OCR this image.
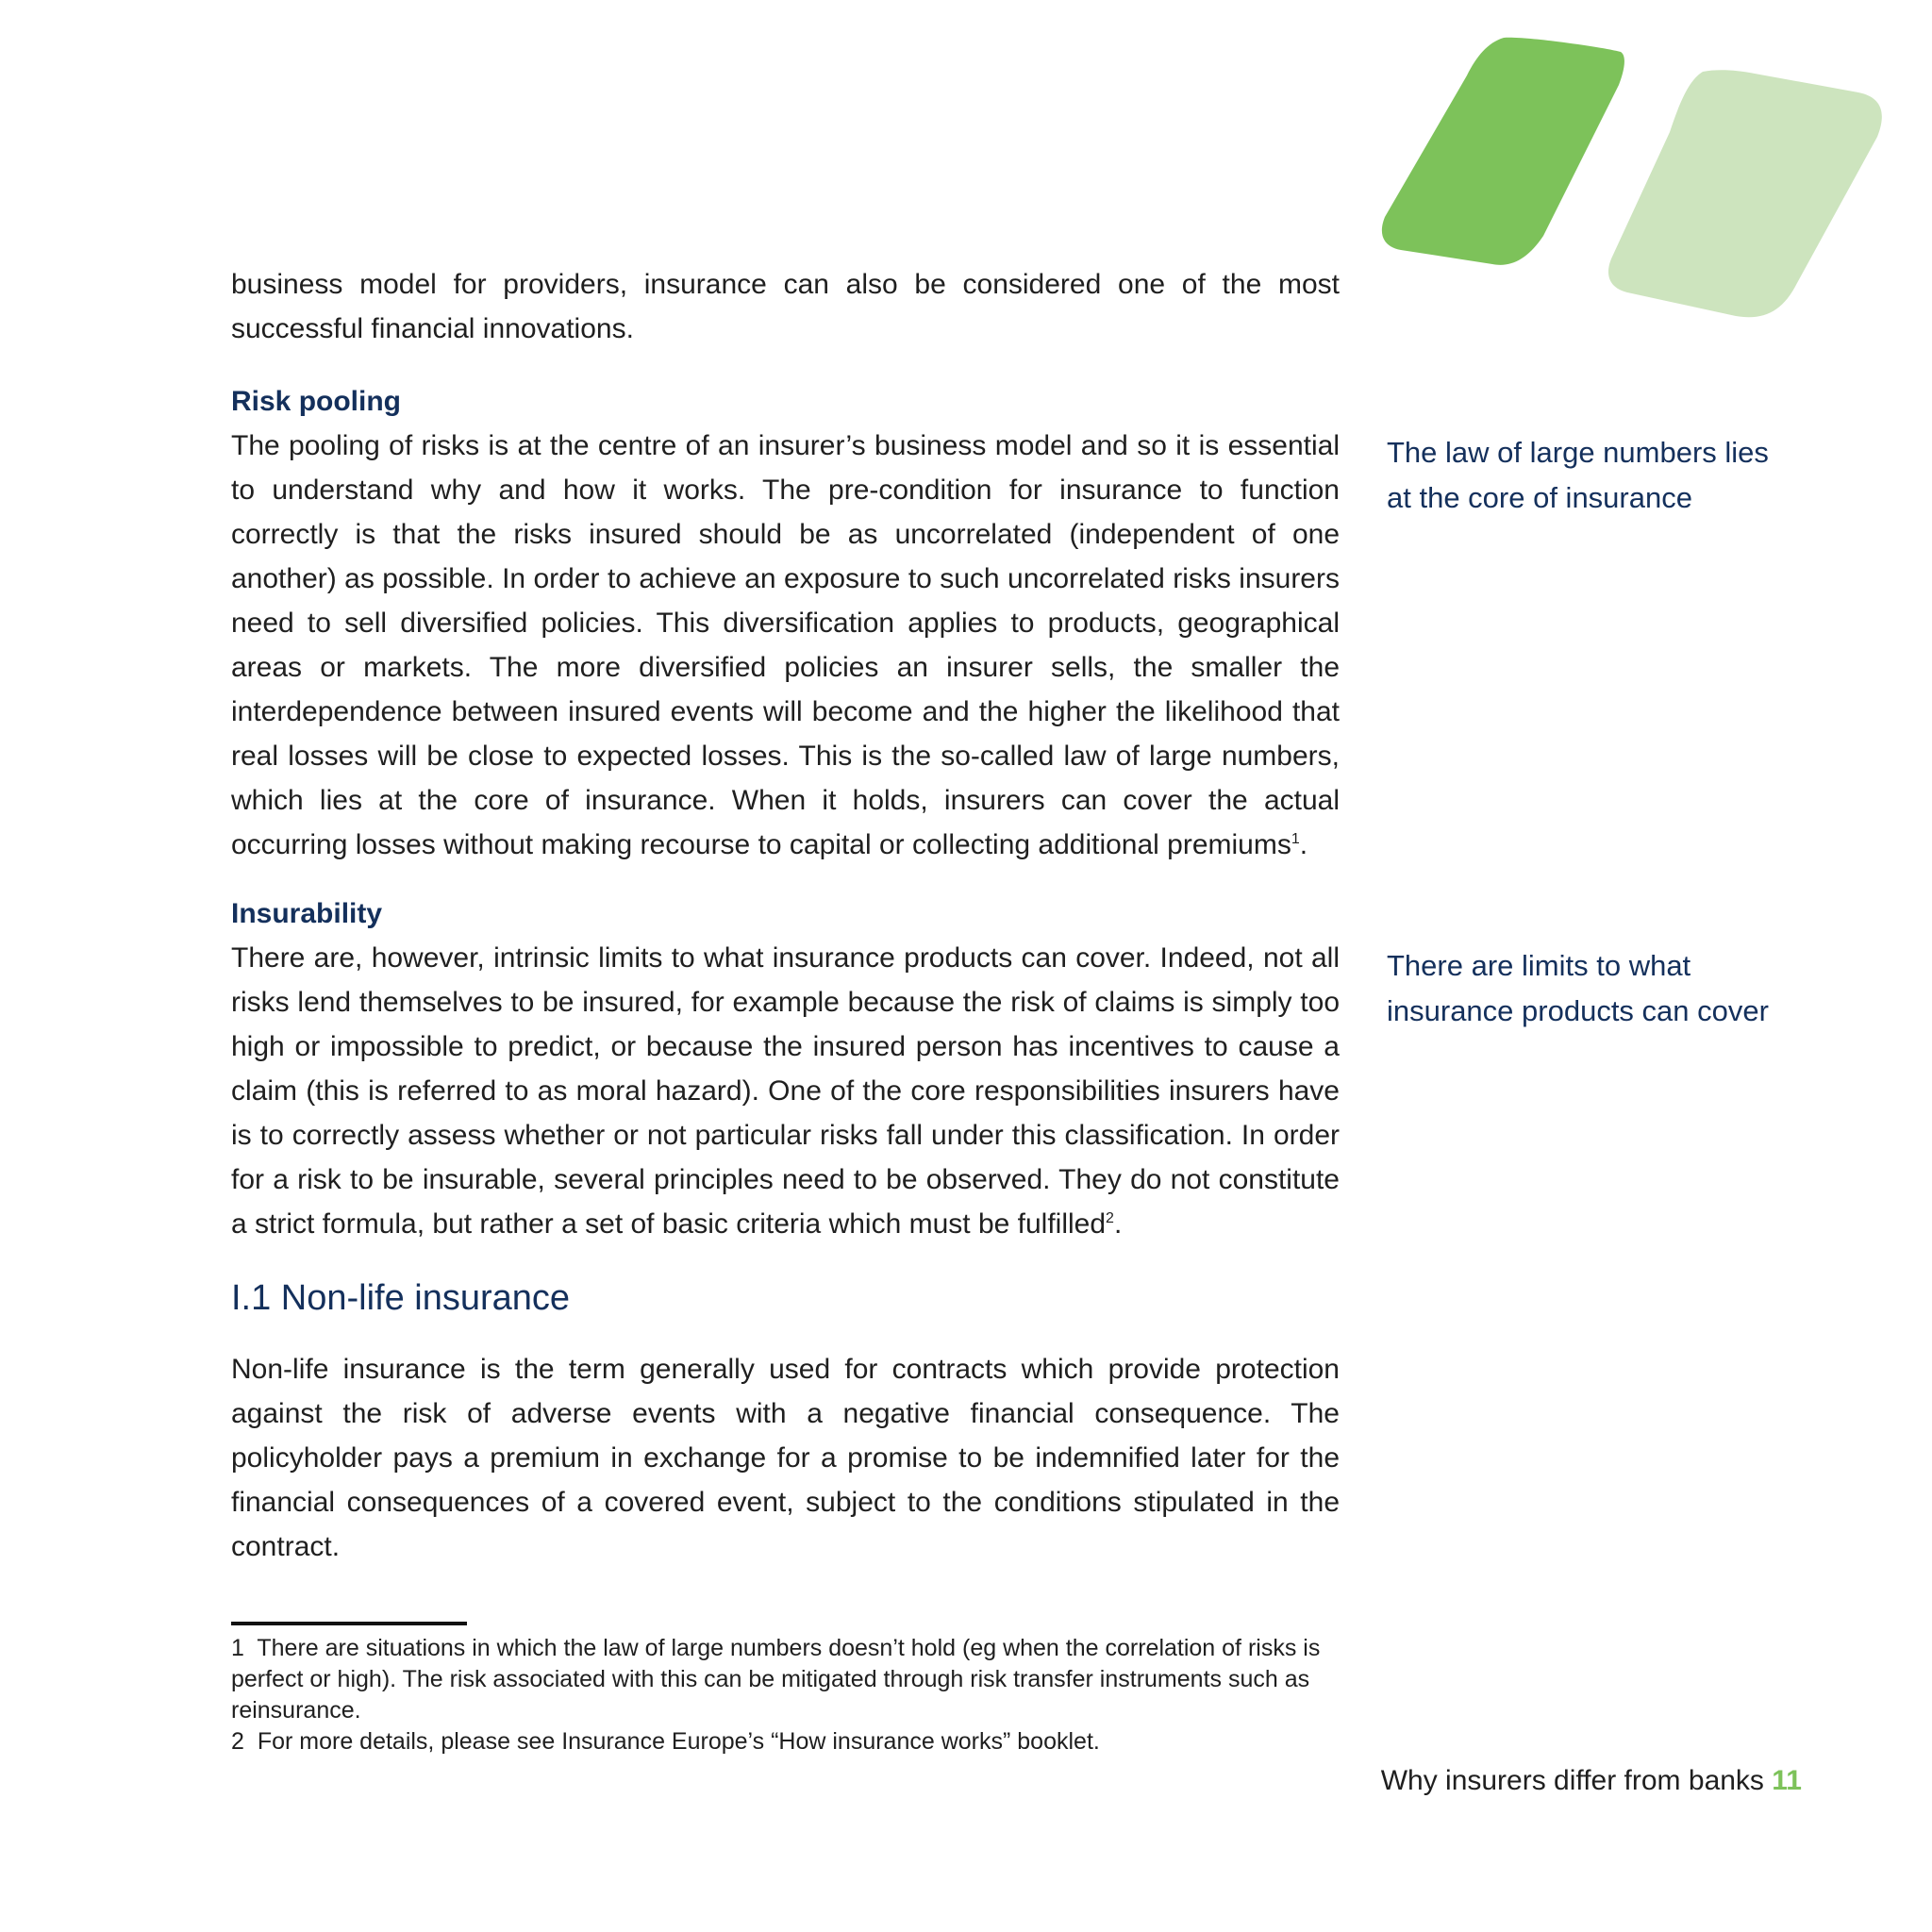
business model for providers, insurance can also be considered one of the most successful financial innovations.

Risk pooling

The pooling of risks is at the centre of an insurer’s business model and so it is essential to understand why and how it works. The pre-condition for insurance to function correctly is that the risks insured should be as uncorrelated (independent of one another) as possible. In order to achieve an exposure to such uncorrelated risks insurers need to sell diversified policies. This diversification applies to products, geographical areas or markets. The more diversified policies an insurer sells, the smaller the interdependence between insured events will become and the higher the likelihood that real losses will be close to expected losses. This is the so-called law of large numbers, which lies at the core of insurance. When it holds, insurers can cover the actual occurring losses without making recourse to capital or collecting additional premiums$^1$.

Insurability

There are, however, intrinsic limits to what insurance products can cover. Indeed, not all risks lend themselves to be insured, for example because the risk of claims is simply too high or impossible to predict, or because the insured person has incentives to cause a claim (this is referred to as moral hazard). One of the core responsibilities insurers have is to correctly assess whether or not particular risks fall under this classification. In order for a risk to be insurable, several principles need to be observed. They do not constitute a strict formula, but rather a set of basic criteria which must be fulfilled$^2$.

I.1 Non-life insurance

Non-life insurance is the term generally used for contracts which provide protection against the risk of adverse events with a negative financial consequence. The policyholder pays a premium in exchange for a promise to be indemnified later for the financial consequences of a covered event, subject to the conditions stipulated in the contract.

1 There are situations in which the law of large numbers doesn’t hold (eg when the correlation of risks is perfect or high). The risk associated with this can be mitigated through risk transfer instruments such as reinsurance.

2 For more details, please see Insurance Europe’s “How insurance works” booklet.

The law of large numbers lies
at the core of insurance
There are limits to what
insurance products can cover
Why insurers differ from banks 11
